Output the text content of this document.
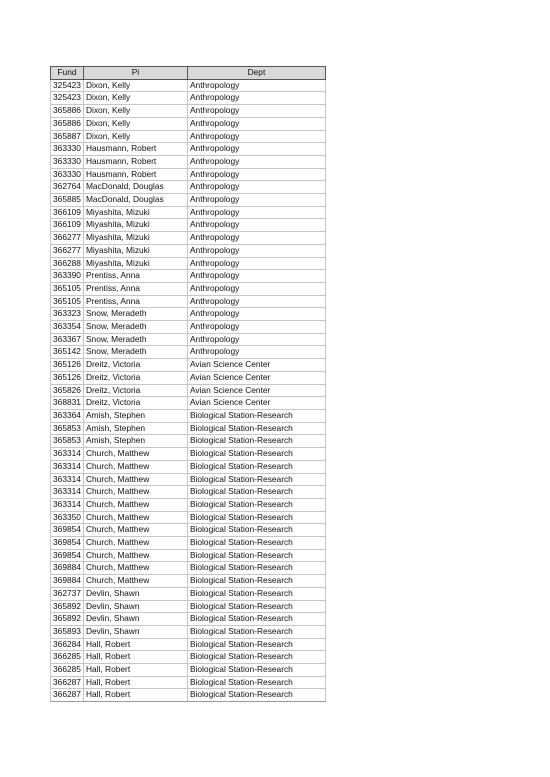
Fund	Pi	Dept
325423	Dixon, Kelly	Anthropology
325423	Dixon, Kelly	Anthropology
365886	Dixon, Kelly	Anthropology
365886	Dixon, Kelly	Anthropology
365887	Dixon, Kelly	Anthropology
363330	Hausmann, Robert	Anthropology
363330	Hausmann, Robert	Anthropology
363330	Hausmann, Robert	Anthropology
362764	MacDonald, Douglas	Anthropology
365885	MacDonald, Douglas	Anthropology
366109	Miyashita, Mizuki	Anthropology
366109	Miyashita, Mizuki	Anthropology
366277	Miyashita, Mizuki	Anthropology
366277	Miyashita, Mizuki	Anthropology
366288	Miyashita, Mizuki	Anthropology
363390	Prentiss, Anna	Anthropology
365105	Prentiss, Anna	Anthropology
365105	Prentiss, Anna	Anthropology
363323	Snow, Meradeth	Anthropology
363354	Snow, Meradeth	Anthropology
363367	Snow, Meradeth	Anthropology
365142	Snow, Meradeth	Anthropology
365126	Dreitz, Victoria	Avian Science Center
365126	Dreitz, Victoria	Avian Science Center
365826	Dreitz, Victoria	Avian Science Center
368831	Dreitz, Victoria	Avian Science Center
363364	Amish, Stephen	Biological Station-Research
365853	Amish, Stephen	Biological Station-Research
365853	Amish, Stephen	Biological Station-Research
363314	Church, Matthew	Biological Station-Research
363314	Church, Matthew	Biological Station-Research
363314	Church, Matthew	Biological Station-Research
363314	Church, Matthew	Biological Station-Research
363314	Church, Matthew	Biological Station-Research
363350	Church, Matthew	Biological Station-Research
369854	Church, Matthew	Biological Station-Research
369854	Church, Matthew	Biological Station-Research
369854	Church, Matthew	Biological Station-Research
369884	Church, Matthew	Biological Station-Research
369884	Church, Matthew	Biological Station-Research
362737	Devlin, Shawn	Biological Station-Research
365892	Devlin, Shawn	Biological Station-Research
365892	Devlin, Shawn	Biological Station-Research
365893	Devlin, Shawn	Biological Station-Research
366284	Hall, Robert	Biological Station-Research
366285	Hall, Robert	Biological Station-Research
366285	Hall, Robert	Biological Station-Research
366287	Hall, Robert	Biological Station-Research
366287	Hall, Robert	Biological Station-Research
